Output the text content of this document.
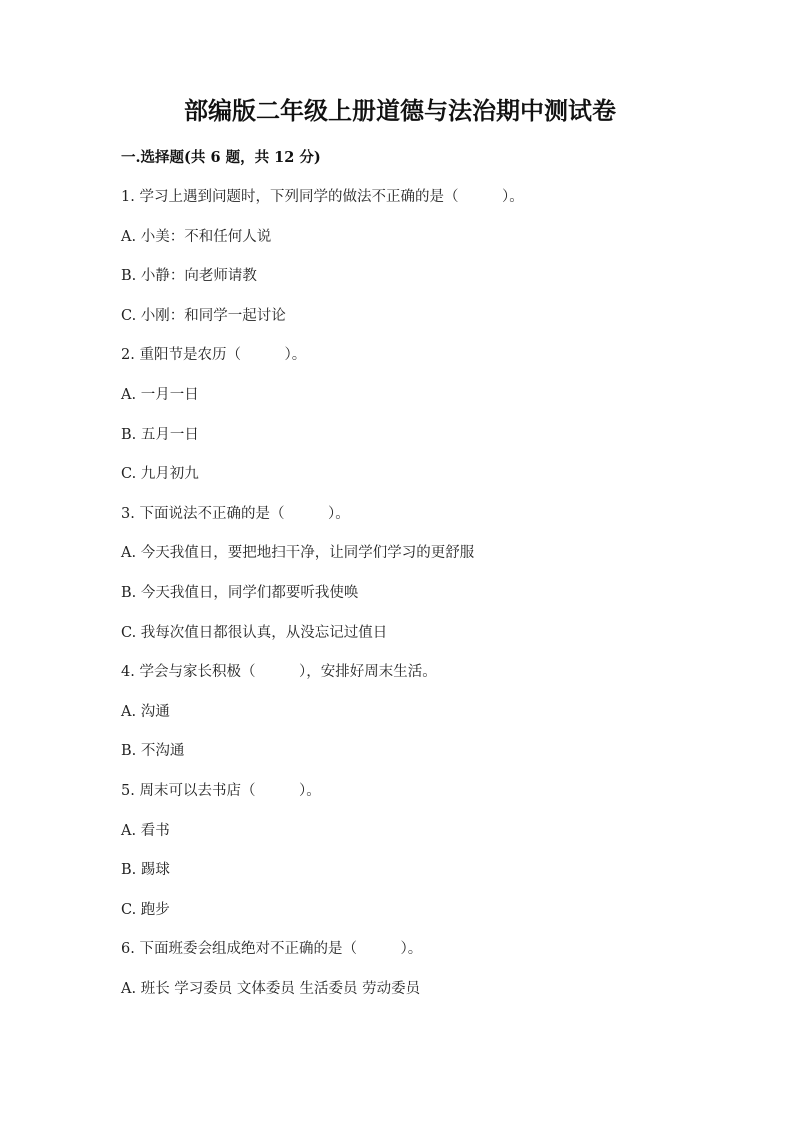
部编版二年级上册道德与法治期中测试卷
一.选择题(共 6 题，共 12 分)
1. 学习上遇到问题时，下列同学的做法不正确的是（　　　）。
A. 小美：不和任何人说
B. 小静：向老师请教
C. 小刚：和同学一起讨论
2. 重阳节是农历（　　　）。
A. 一月一日
B. 五月一日
C. 九月初九
3. 下面说法不正确的是（　　　）。
A. 今天我值日，要把地扫干净，让同学们学习的更舒服
B. 今天我值日，同学们都要听我使唤
C. 我每次值日都很认真，从没忘记过值日
4. 学会与家长积极（　　　），安排好周末生活。
A. 沟通
B. 不沟通
5. 周末可以去书店（　　　）。
A. 看书
B. 踢球
C. 跑步
6. 下面班委会组成绝对不正确的是（　　　）。
A. 班长 学习委员 文体委员 生活委员 劳动委员
